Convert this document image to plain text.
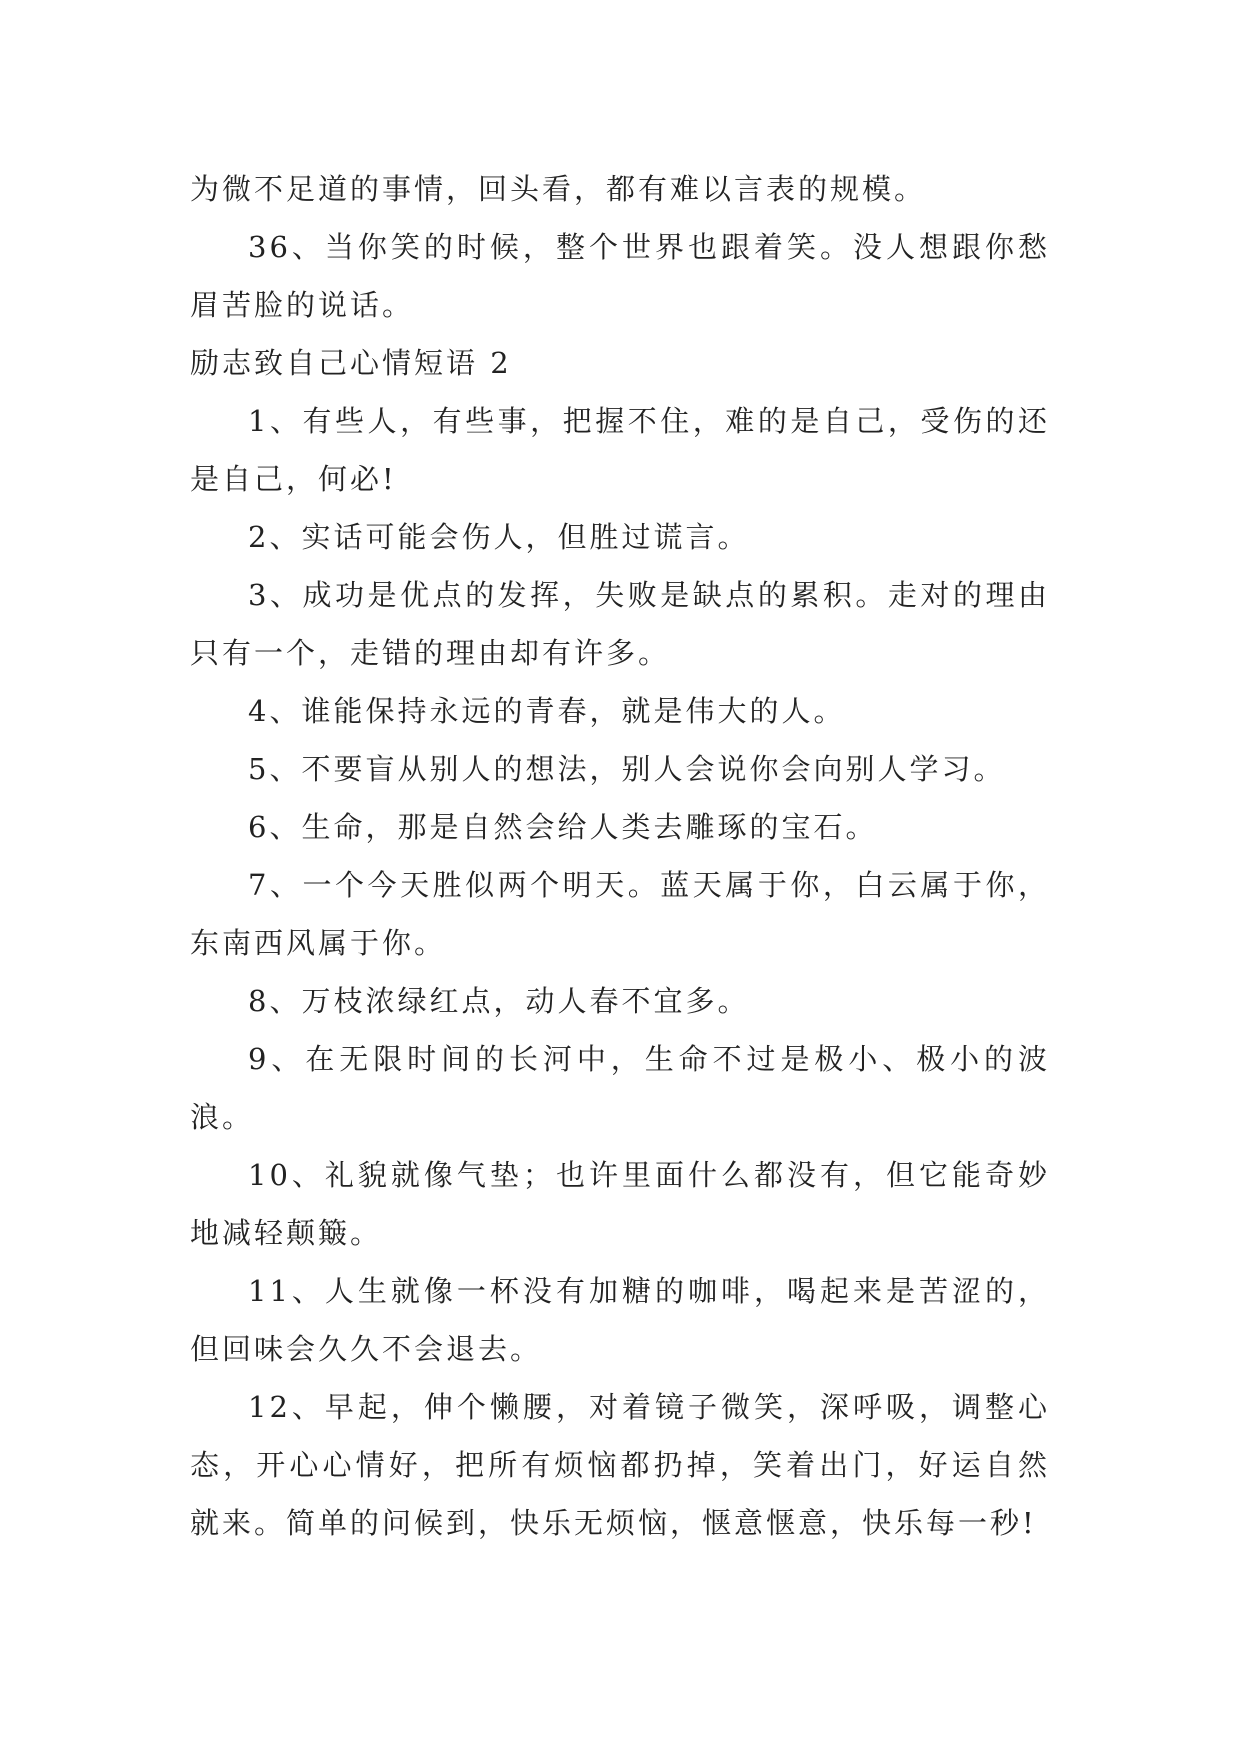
为微不足道的事情，回头看，都有难以言表的规模。

36、当你笑的时候，整个世界也跟着笑。没人想跟你愁眉苦脸的说话。

励志致自己心情短语 2

1、有些人，有些事，把握不住，难的是自己，受伤的还是自己，何必!

2、实话可能会伤人，但胜过谎言。

3、成功是优点的发挥，失败是缺点的累积。走对的理由只有一个，走错的理由却有许多。

4、谁能保持永远的青春，就是伟大的人。

5、不要盲从别人的想法，别人会说你会向别人学习。

6、生命，那是自然会给人类去雕琢的宝石。

7、一个今天胜似两个明天。蓝天属于你，白云属于你，东南西风属于你。

8、万枝浓绿红点，动人春不宜多。

9、在无限时间的长河中，生命不过是极小、极小的波浪。

10、礼貌就像气垫；也许里面什么都没有，但它能奇妙地减轻颠簸。

11、人生就像一杯没有加糖的咖啡，喝起来是苦涩的，但回味会久久不会退去。

12、早起，伸个懒腰，对着镜子微笑，深呼吸，调整心态，开心心情好，把所有烦恼都扔掉，笑着出门，好运自然就来。简单的问候到，快乐无烦恼，惬意惬意，快乐每一秒!
